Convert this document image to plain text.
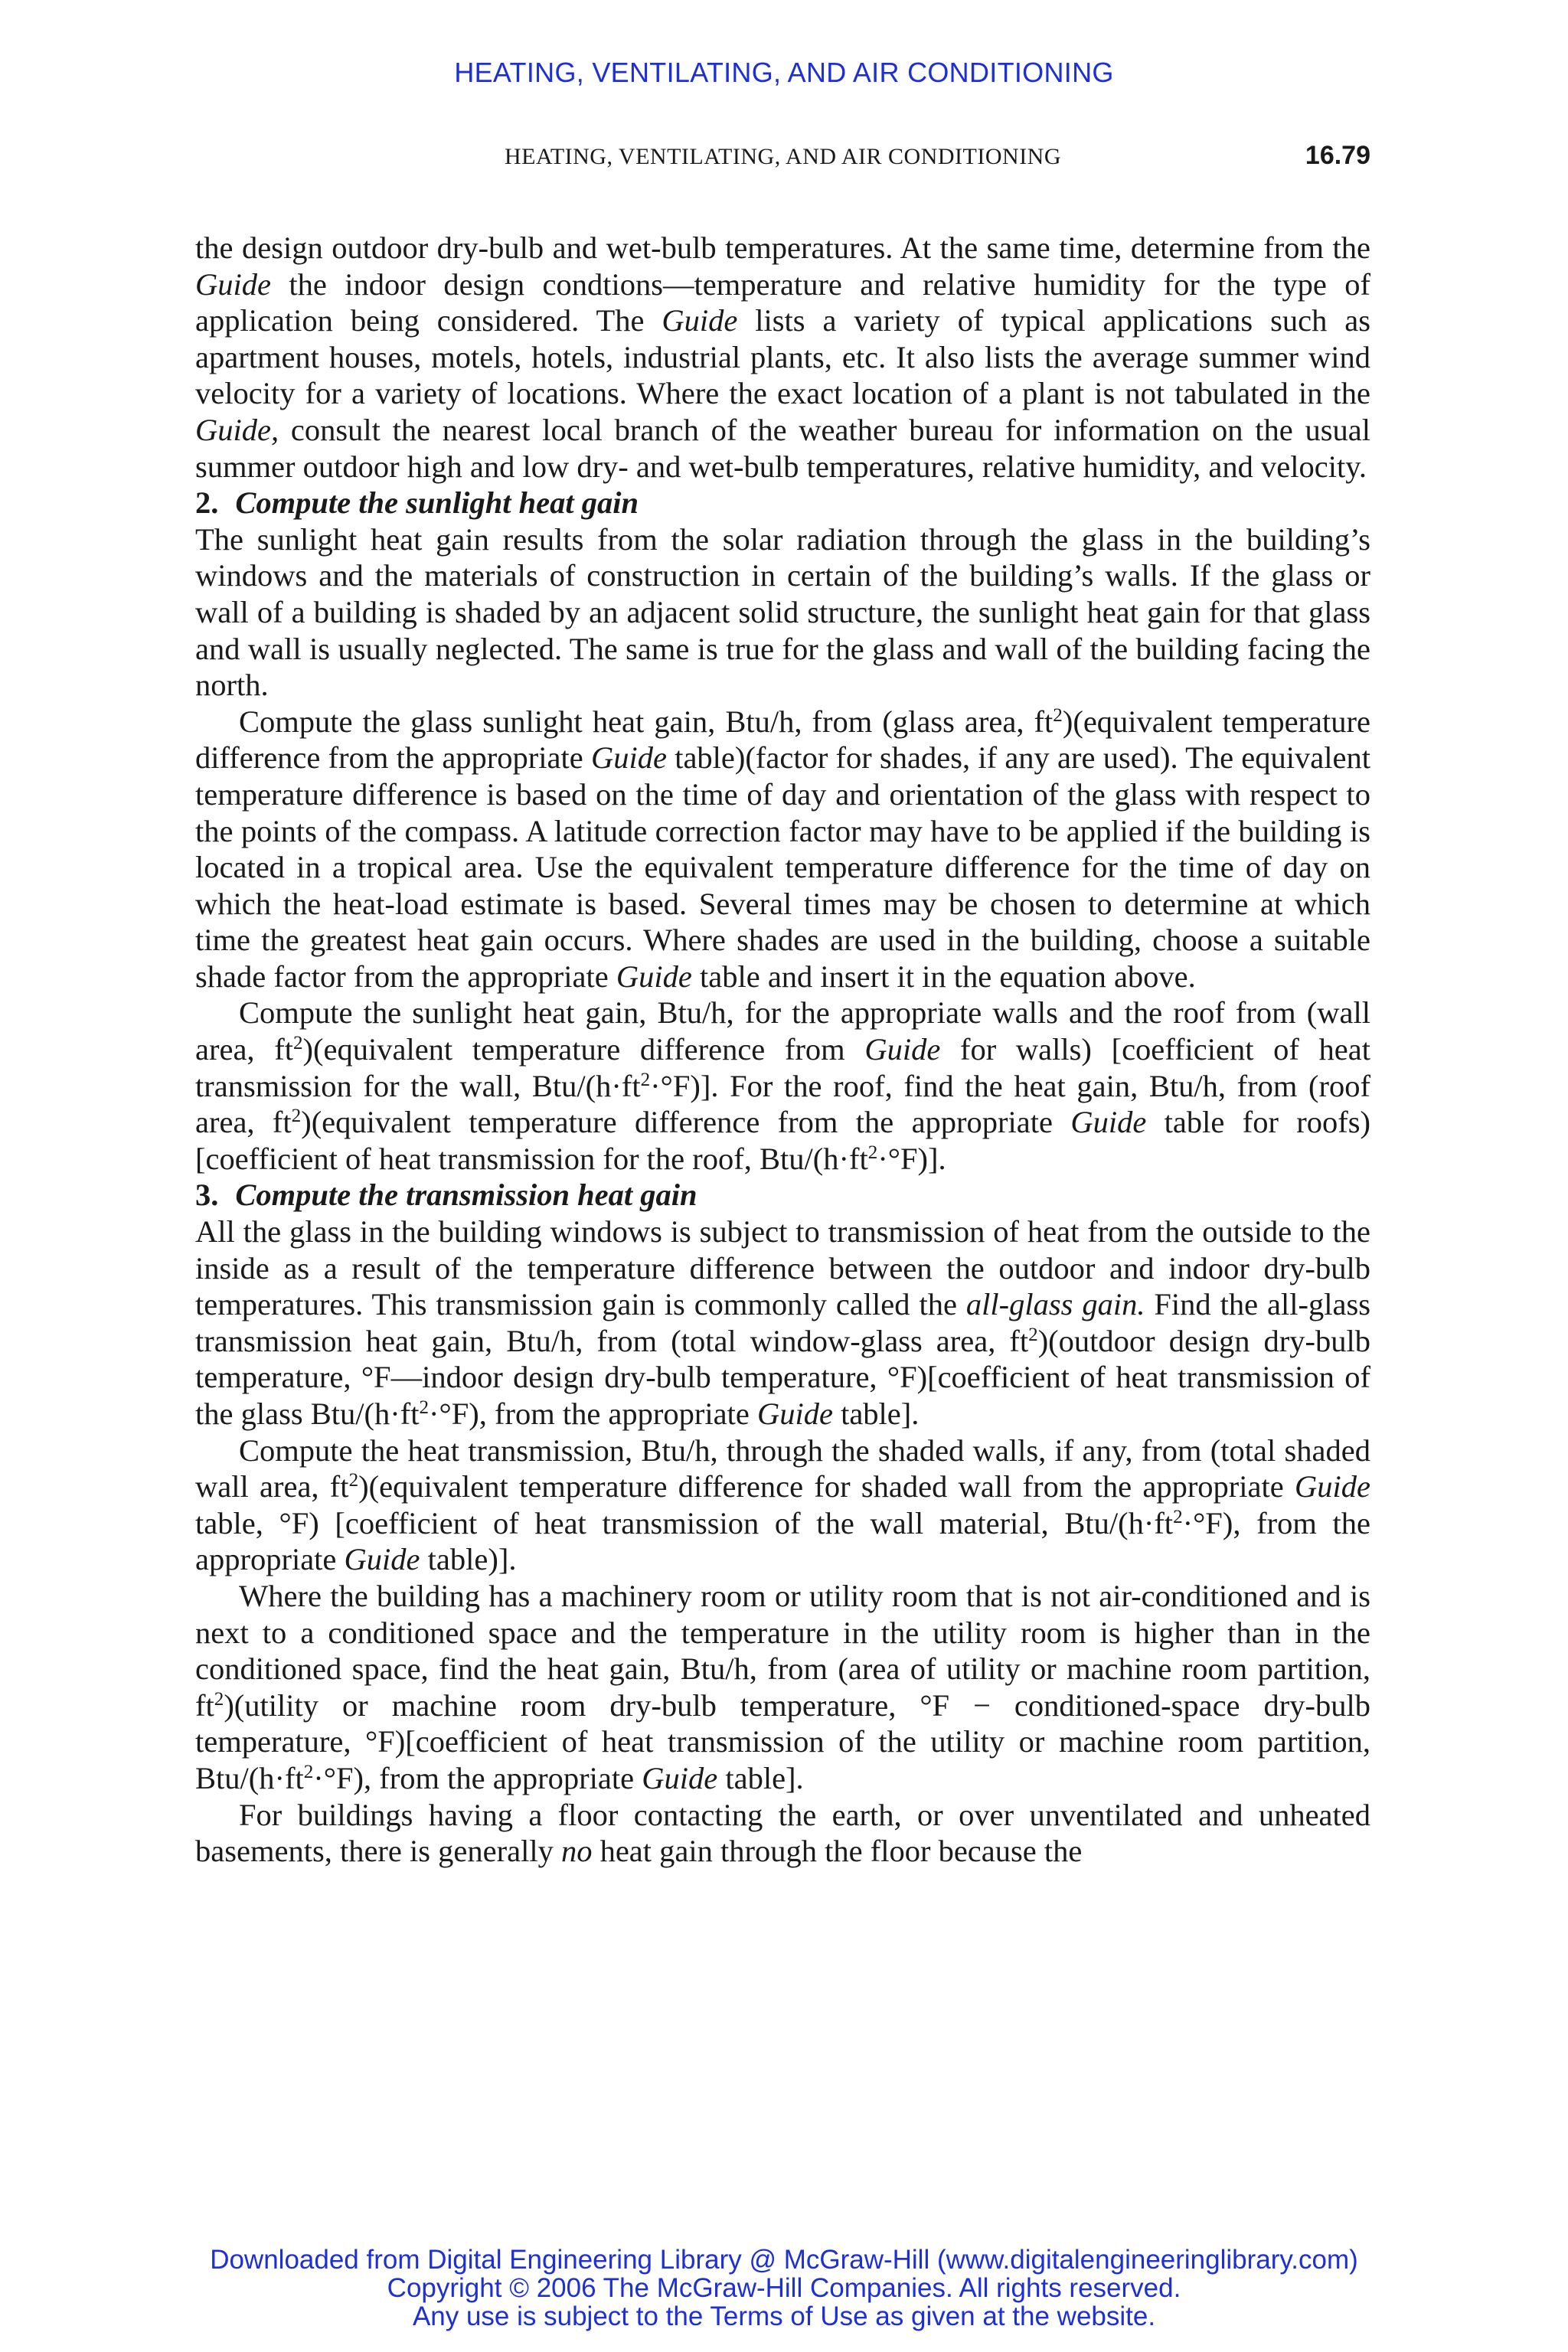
HEATING, VENTILATING, AND AIR CONDITIONING
HEATING, VENTILATING, AND AIR CONDITIONING	16.79

the design outdoor dry-bulb and wet-bulb temperatures. At the same time, determine from the Guide the indoor design condtions—temperature and relative humidity for the type of application being considered. The Guide lists a variety of typical applications such as apartment houses, motels, hotels, industrial plants, etc. It also lists the average summer wind velocity for a variety of locations. Where the exact location of a plant is not tabulated in the Guide, consult the nearest local branch of the weather bureau for information on the usual summer outdoor high and low dry- and wet-bulb temperatures, relative humidity, and velocity.

2. Compute the sunlight heat gain

The sunlight heat gain results from the solar radiation through the glass in the building’s windows and the materials of construction in certain of the building’s walls. If the glass or wall of a building is shaded by an adjacent solid structure, the sunlight heat gain for that glass and wall is usually neglected. The same is true for the glass and wall of the building facing the north.

Compute the glass sunlight heat gain, Btu/h, from (glass area, $ft^2)(equivalent$ temperature difference from the appropriate Guide table)(factor for shades, if any are used). The equivalent temperature difference is based on the time of day and orientation of the glass with respect to the points of the compass. A latitude correction factor may have to be applied if the building is located in a tropical area. Use the equivalent temperature difference for the time of day on which the heat-load estimate is based. Several times may be chosen to determine at which time the greatest heat gain occurs. Where shades are used in the building, choose a suitable shade factor from the appropriate Guide table and insert it in the equation above.

Compute the sunlight heat gain, Btu/h, for the appropriate walls and the roof from (wall area, $ft^2)(equivalent$ temperature difference from Guide for walls) [coefficient of heat transmission for the wall, Btu/$(h\cdot ft^2\cdot^\circ F)$]. For the roof, find the heat gain, Btu/h, from (roof area, $ft^2)(equivalent$ temperature difference from the appropriate Guide table for roofs) [coefficient of heat transmission for the roof, Btu/$(h\cdot ft^2\cdot^\circ F)$].

3. Compute the transmission heat gain

All the glass in the building windows is subject to transmission of heat from the outside to the inside as a result of the temperature difference between the outdoor and indoor dry-bulb temperatures. This transmission gain is commonly called the all-glass gain. Find the all-glass transmission heat gain, Btu/h, from (total window-glass area, $ft^2)(outdoor$ design dry-bulb temperature, °F—indoor design dry-bulb temperature, °F)[coefficient of heat transmission of the glass Btu/$(h\cdot ft^2\cdot^\circ F)$, from the appropriate Guide table].

Compute the heat transmission, Btu/h, through the shaded walls, if any, from (total shaded wall area, $ft^2)(equivalent$ temperature difference for shaded wall from the appropriate Guide table, °F) [coefficient of heat transmission of the wall material, Btu/$(h\cdot ft^2\cdot^\circ F)$, from the appropriate Guide table)].

Where the building has a machinery room or utility room that is not air-conditioned and is next to a conditioned space and the temperature in the utility room is higher than in the conditioned space, find the heat gain, Btu/h, from (area of utility or machine room partition, $ft^2)(utility$ or machine room dry-bulb temperature, °F − conditioned-space dry-bulb temperature, °F)[coefficient of heat transmission of the utility or machine room partition, Btu/$(h\cdot ft^2\cdot^\circ F)$, from the appropriate Guide table].

For buildings having a floor contacting the earth, or over unventilated and unheated basements, there is generally no heat gain through the floor because the

Downloaded from Digital Engineering Library @ McGraw-Hill (www.digitalengineeringlibrary.com)
Copyright © 2006 The McGraw-Hill Companies. All rights reserved.
Any use is subject to the Terms of Use as given at the website.
